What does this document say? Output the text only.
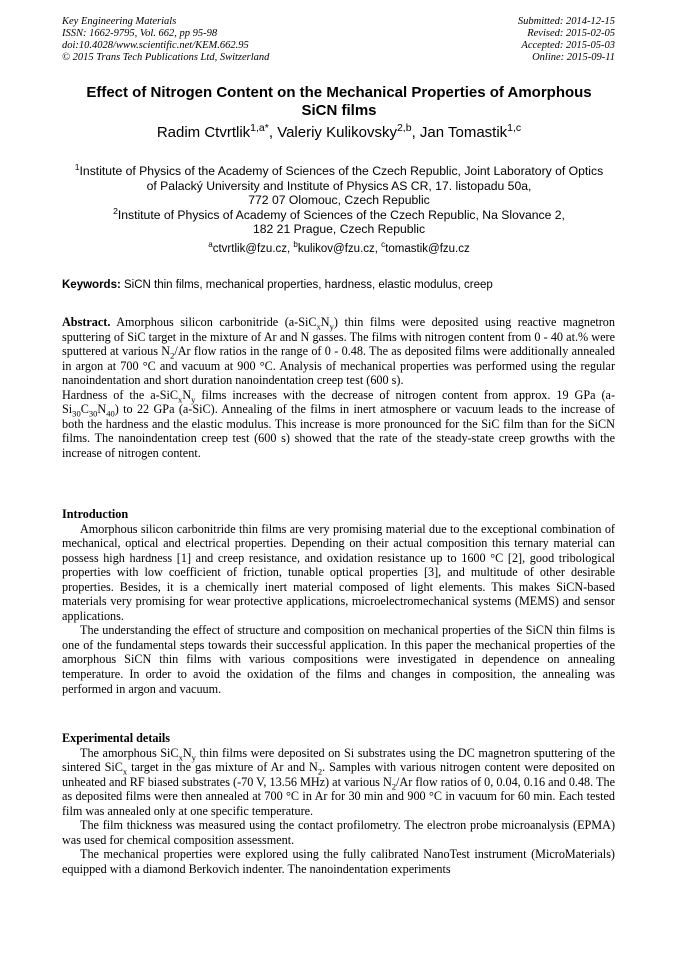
Key Engineering Materials
ISSN: 1662-9795, Vol. 662, pp 95-98
doi:10.4028/www.scientific.net/KEM.662.95
© 2015 Trans Tech Publications Ltd, Switzerland
Submitted: 2014-12-15
Revised: 2015-02-05
Accepted: 2015-05-03
Online: 2015-09-11
Effect of Nitrogen Content on the Mechanical Properties of Amorphous
SiCN films
Radim Ctvrtlik$^{1,a*}$, Valeriy Kulikovsky$^{2,b}$, Jan Tomastik$^{1,c}$
$^1$Institute of Physics of the Academy of Sciences of the Czech Republic, Joint Laboratory of Optics
of Palacký University and Institute of Physics AS CR, 17. listopadu 50a,
772 07 Olomouc, Czech Republic
$^2$Institute of Physics of Academy of Sciences of the Czech Republic, Na Slovance 2,
182 21 Prague, Czech Republic
$^a$ctvrtlik@fzu.cz, $^b$kulikov@fzu.cz, $^c$tomastik@fzu.cz
Keywords: SiCN thin films, mechanical properties, hardness, elastic modulus, creep

Abstract. Amorphous silicon carbonitride $(a-SiC_xN_y)$ thin films were deposited using reactive magnetron sputtering of SiC target in the mixture of Ar and N gasses. The films with nitrogen content from 0 - 40 at.% were sputtered at various $N_2/Ar$ flow ratios in the range of 0 - 0.48. The as deposited films were additionally annealed in argon at 700 °C and vacuum at 900 °C. Analysis of mechanical properties was performed using the regular nanoindentation and short duration nanoindentation creep test (600 s).

Hardness of the $a-SiC_xN_y$ films increases with the decrease of nitrogen content from approx. 19 GPa $(a-Si_{30}C_{30}N_{40})$ to 22 GPa (a-SiC). Annealing of the films in inert atmosphere or vacuum leads to the increase of both the hardness and the elastic modulus. This increase is more pronounced for the SiC film than for the SiCN films. The nanoindentation creep test (600 s) showed that the rate of the steady-state creep growths with the increase of nitrogen content.

Introduction

Amorphous silicon carbonitride thin films are very promising material due to the exceptional combination of mechanical, optical and electrical properties. Depending on their actual composition this ternary material can possess high hardness [1] and creep resistance, and oxidation resistance up to 1600 °C [2], good tribological properties with low coefficient of friction, tunable optical properties [3], and multitude of other desirable properties. Besides, it is a chemically inert material composed of light elements. This makes SiCN-based materials very promising for wear protective applications, microelectromechanical systems (MEMS) and sensor applications.

The understanding the effect of structure and composition on mechanical properties of the SiCN thin films is one of the fundamental steps towards their successful application. In this paper the mechanical properties of the amorphous SiCN thin films with various compositions were investigated in dependence on annealing temperature. In order to avoid the oxidation of the films and changes in composition, the annealing was performed in argon and vacuum.

Experimental details

The amorphous $SiC_xN_y$ thin films were deposited on Si substrates using the DC magnetron sputtering of the sintered SiC$_x$ target in the gas mixture of Ar and $N_2$. Samples with various nitrogen content were deposited on unheated and RF biased substrates (-70 V, 13.56 MHz) at various $N_2/Ar$ flow ratios of 0, 0.04, 0.16 and 0.48. The as deposited films were then annealed at 700 °C in Ar for 30 min and 900 °C in vacuum for 60 min. Each tested film was annealed only at one specific temperature.

The film thickness was measured using the contact profilometry. The electron probe microanalysis (EPMA) was used for chemical composition assessment.

The mechanical properties were explored using the fully calibrated NanoTest instrument (MicroMaterials) equipped with a diamond Berkovich indenter. The nanoindentation experiments
